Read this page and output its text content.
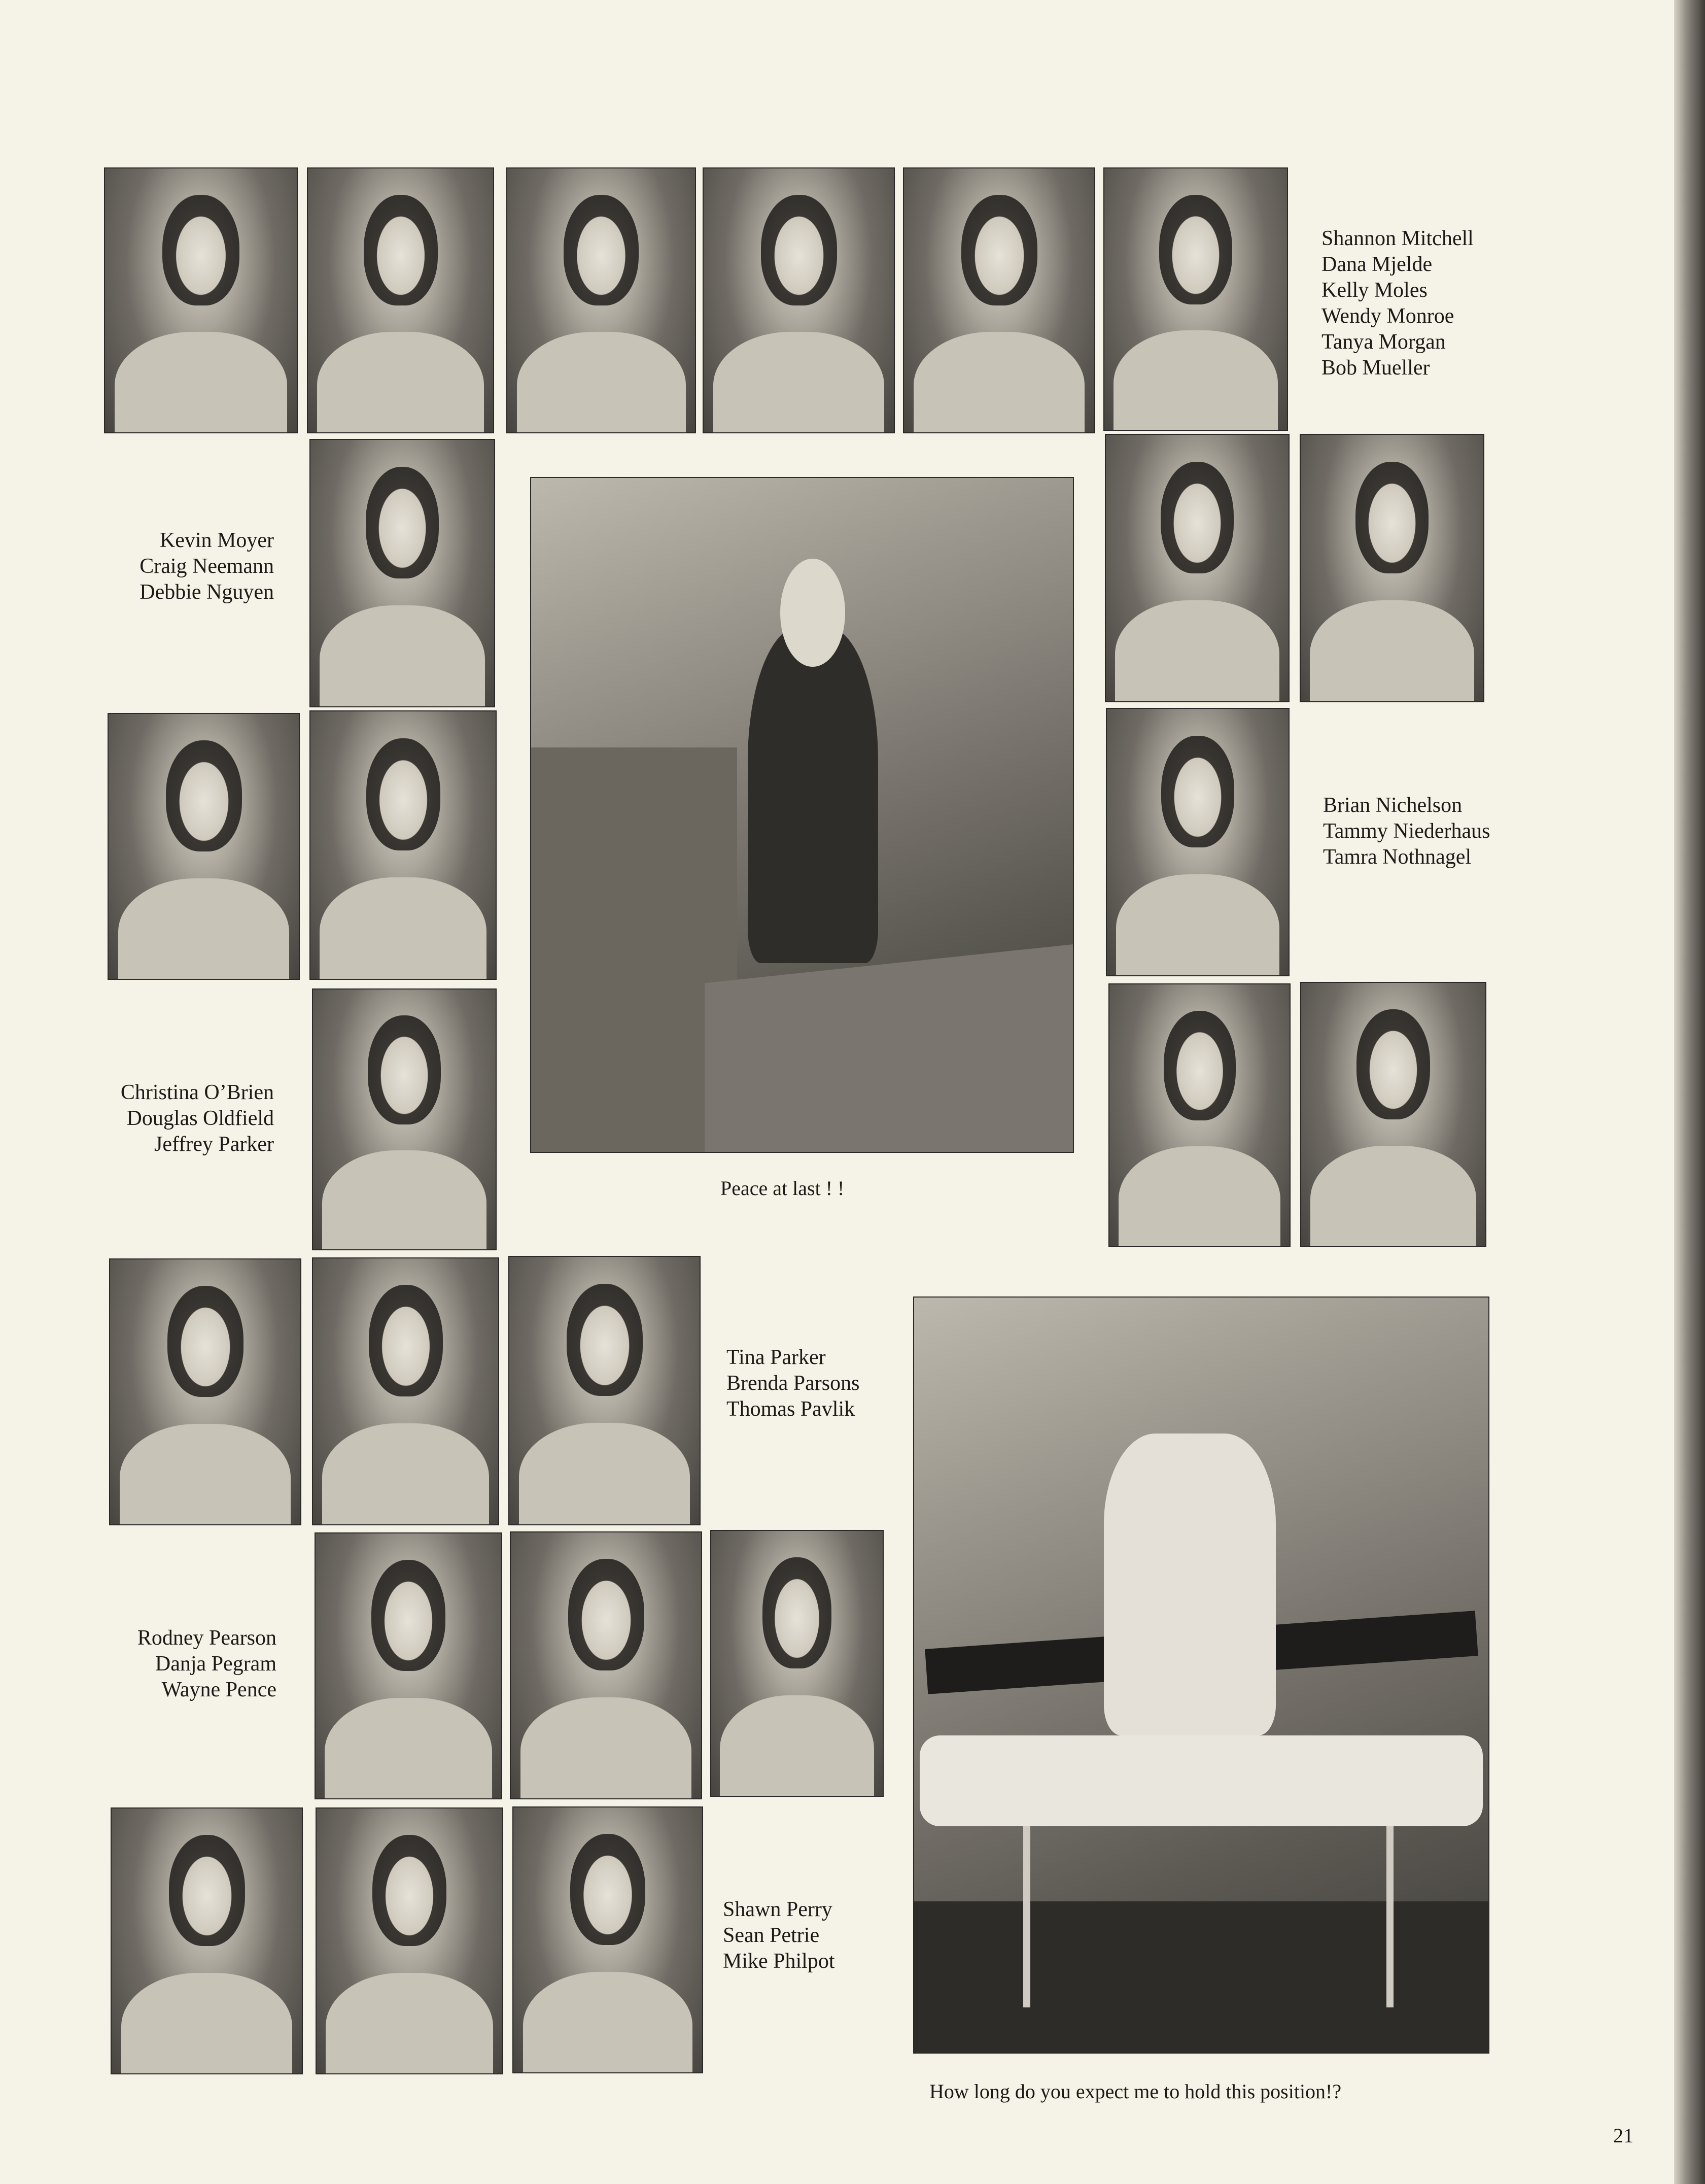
Shannon Mitchell
Dana Mjelde
Kelly Moles
Wendy Monroe
Tanya Morgan
Bob Mueller
Kevin Moyer
Craig Neemann
Debbie Nguyen
Peace at last ! !
Brian Nichelson
Tammy Niederhaus
Tamra Nothnagel
Christina O’Brien
Douglas Oldfield
Jeffrey Parker
Tina Parker
Brenda Parsons
Thomas Pavlik
How long do you expect me to hold this position!?
Rodney Pearson
Danja Pegram
Wayne Pence
Shawn Perry
Sean Petrie
Mike Philpot
21
